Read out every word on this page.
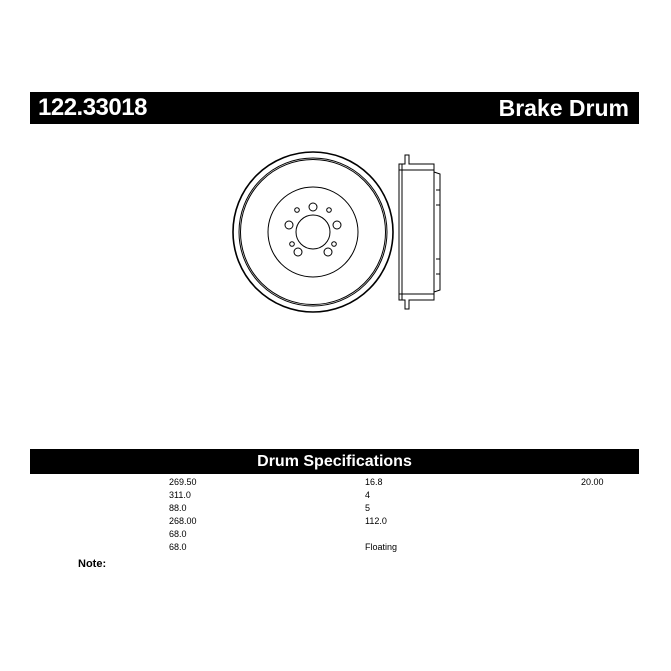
122.33018	Brake Drum
Drum Specifications
269.50
311.0
88.0
268.00
68.0
68.0
16.8
4
5
112.0
Floating
20.00
Note:
